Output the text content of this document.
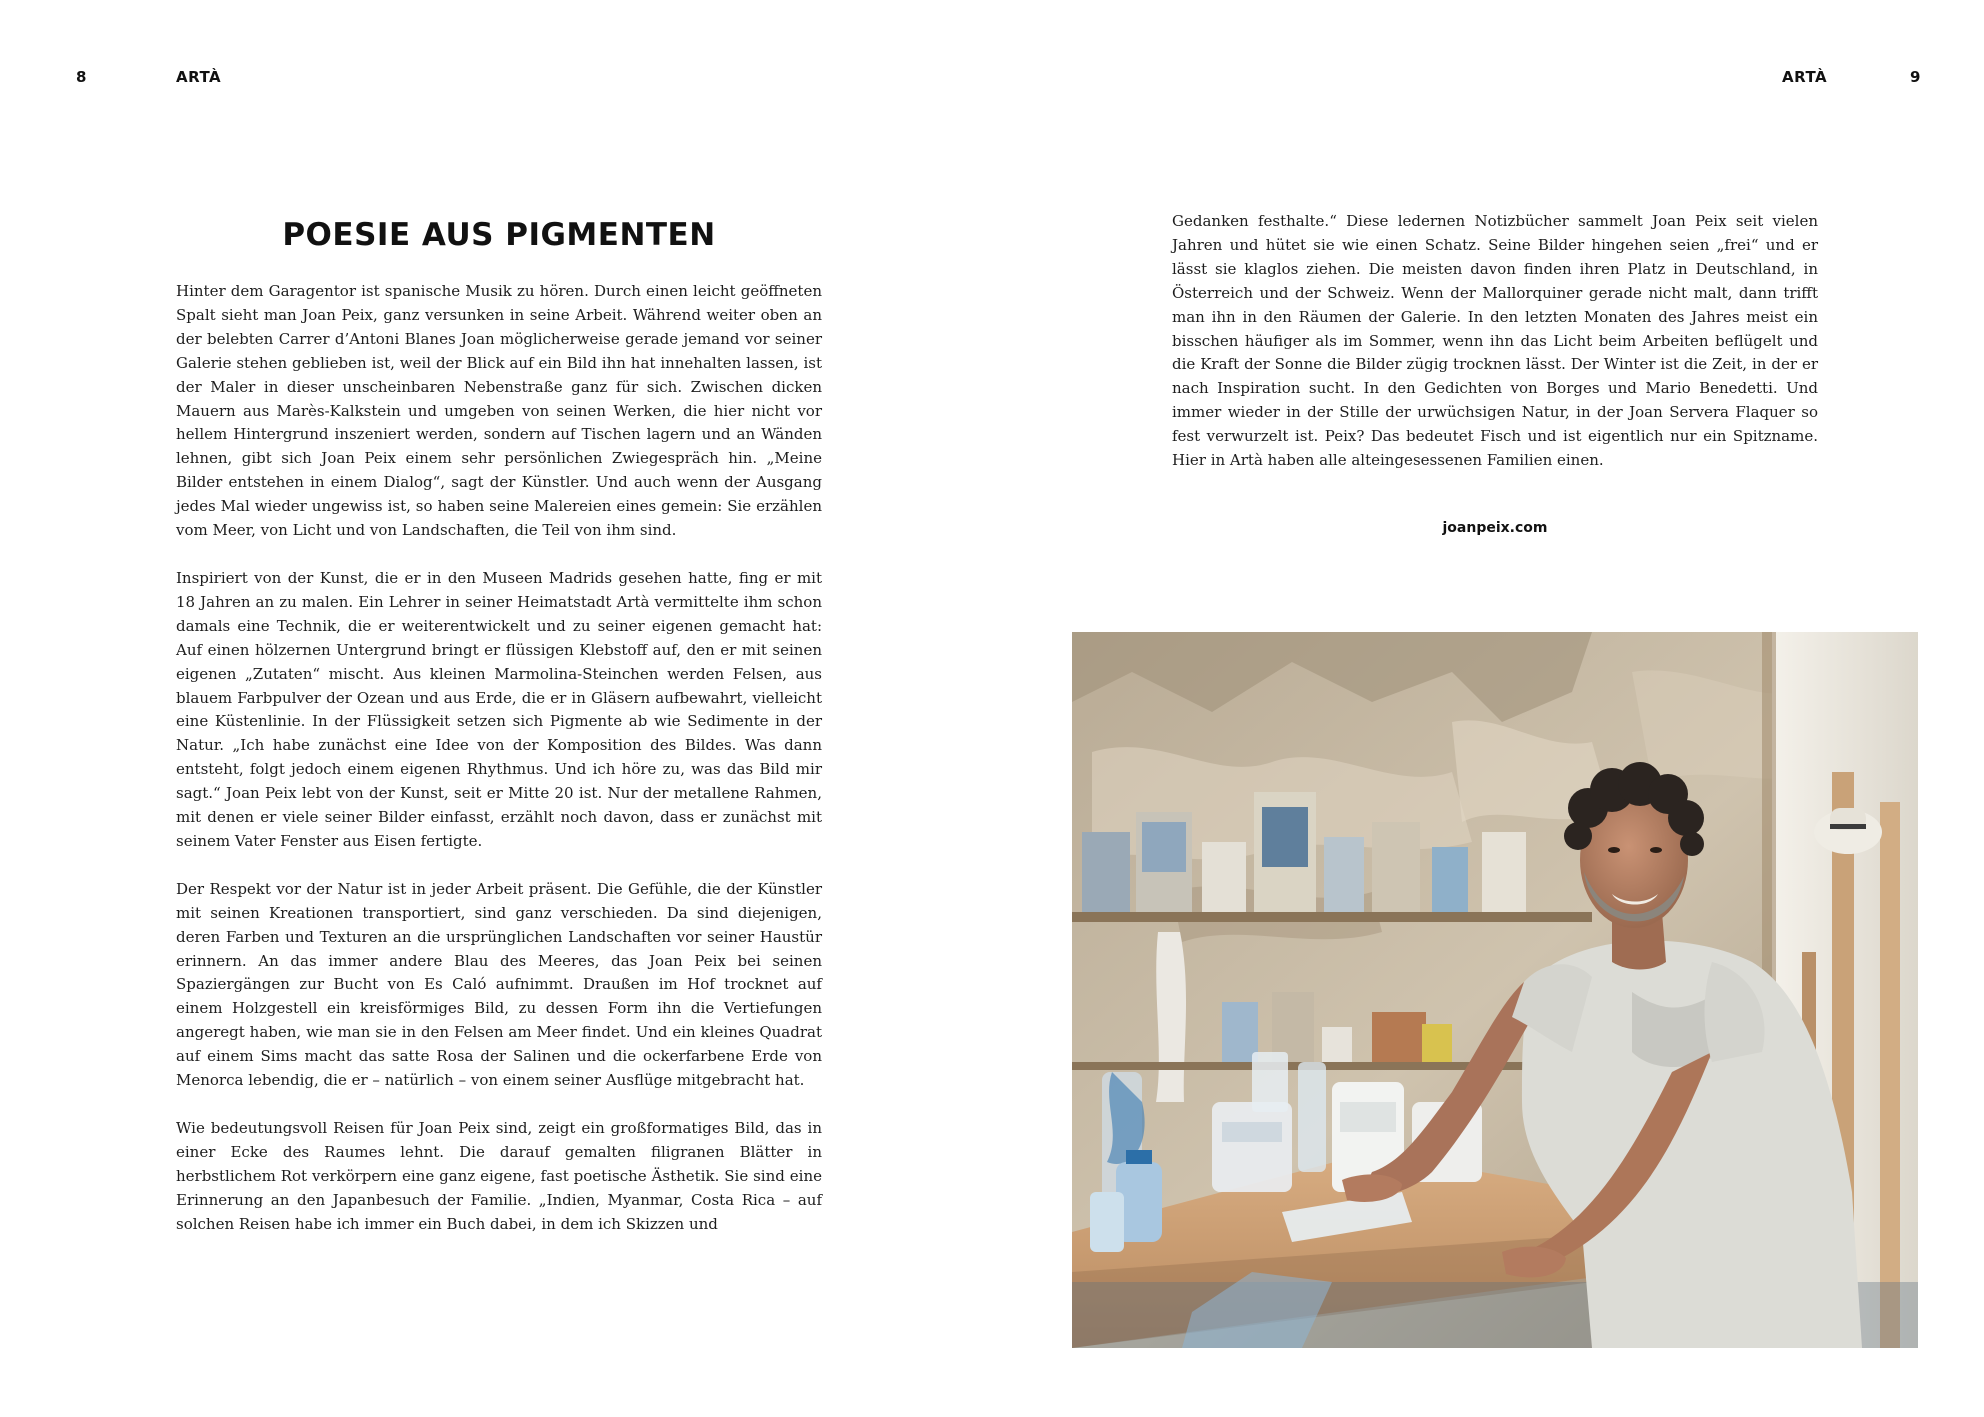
8	ARTÀ	ARTÀ	9
POESIE AUS PIGMENTEN

Hinter dem Garagentor ist spanische Musik zu hören. Durch einen leicht geöffneten Spalt sieht man Joan Peix, ganz versunken in seine Arbeit. Während weiter oben an der belebten Carrer d’Antoni Blanes Joan möglicherweise gerade jemand vor seiner Galerie stehen geblieben ist, weil der Blick auf ein Bild ihn hat innehalten lassen, ist der Maler in dieser unscheinbaren Nebenstraße ganz für sich. Zwischen dicken Mauern aus Marès-Kalkstein und umgeben von seinen Werken, die hier nicht vor hellem Hintergrund inszeniert werden, sondern auf Tischen lagern und an Wänden lehnen, gibt sich Joan Peix einem sehr persönlichen Zwiegespräch hin. „Meine Bilder entstehen in einem Dialog“, sagt der Künstler. Und auch wenn der Ausgang jedes Mal wieder ungewiss ist, so haben seine Malereien eines gemein: Sie erzählen vom Meer, von Licht und von Landschaften, die Teil von ihm sind.

Inspiriert von der Kunst, die er in den Museen Madrids gesehen hatte, fing er mit 18 Jahren an zu malen. Ein Lehrer in seiner Heimatstadt Artà vermittelte ihm schon damals eine Technik, die er weiterentwickelt und zu seiner eigenen gemacht hat: Auf einen hölzernen Untergrund bringt er flüssigen Klebstoff auf, den er mit seinen eigenen „Zutaten“ mischt. Aus kleinen Marmolina-Steinchen werden Felsen, aus blauem Farbpulver der Ozean und aus Erde, die er in Gläsern aufbewahrt, vielleicht eine Küstenlinie. In der Flüssigkeit setzen sich Pigmente ab wie Sedimente in der Natur. „Ich habe zunächst eine Idee von der Komposition des Bildes. Was dann entsteht, folgt jedoch einem eigenen Rhythmus. Und ich höre zu, was das Bild mir sagt.“ Joan Peix lebt von der Kunst, seit er Mitte 20 ist. Nur der metallene Rahmen, mit denen er viele seiner Bilder einfasst, erzählt noch davon, dass er zunächst mit seinem Vater Fenster aus Eisen fertigte.

Der Respekt vor der Natur ist in jeder Arbeit präsent. Die Gefühle, die der Künstler mit seinen Kreationen transportiert, sind ganz verschieden. Da sind diejenigen, deren Farben und Texturen an die ursprünglichen Landschaften vor seiner Haustür erinnern. An das immer andere Blau des Meeres, das Joan Peix bei seinen Spaziergängen zur Bucht von Es Caló aufnimmt. Draußen im Hof trocknet auf einem Holzgestell ein kreisförmiges Bild, zu dessen Form ihn die Vertiefungen angeregt haben, wie man sie in den Felsen am Meer findet. Und ein kleines Quadrat auf einem Sims macht das satte Rosa der Salinen und die ockerfarbene Erde von Menorca lebendig, die er – natürlich – von einem seiner Ausflüge mitgebracht hat.

Wie bedeutungsvoll Reisen für Joan Peix sind, zeigt ein großformatiges Bild, das in einer Ecke des Raumes lehnt. Die darauf gemalten filigranen Blätter in herbstlichem Rot verkörpern eine ganz eigene, fast poetische Ästhetik. Sie sind eine Erinnerung an den Japanbesuch der Familie. „Indien, Myanmar, Costa Rica – auf solchen Reisen habe ich immer ein Buch dabei, in dem ich Skizzen und

Gedanken festhalte.“ Diese ledernen Notizbücher sammelt Joan Peix seit vielen Jahren und hütet sie wie einen Schatz. Seine Bilder hingehen seien „frei“ und er lässt sie klaglos ziehen. Die meisten davon finden ihren Platz in Deutschland, in Österreich und der Schweiz. Wenn der Mallorquiner gerade nicht malt, dann trifft man ihn in den Räumen der Galerie. In den letzten Monaten des Jahres meist ein bisschen häufiger als im Sommer, wenn ihn das Licht beim Arbeiten beflügelt und die Kraft der Sonne die Bilder zügig trocknen lässt. Der Winter ist die Zeit, in der er nach Inspiration sucht. In den Gedichten von Borges und Mario Benedetti. Und immer wieder in der Stille der urwüchsigen Natur, in der Joan Servera Flaquer so fest verwurzelt ist. Peix? Das bedeutet Fisch und ist eigentlich nur ein Spitzname. Hier in Artà haben alle alteingesessenen Familien einen.

joanpeix.com
